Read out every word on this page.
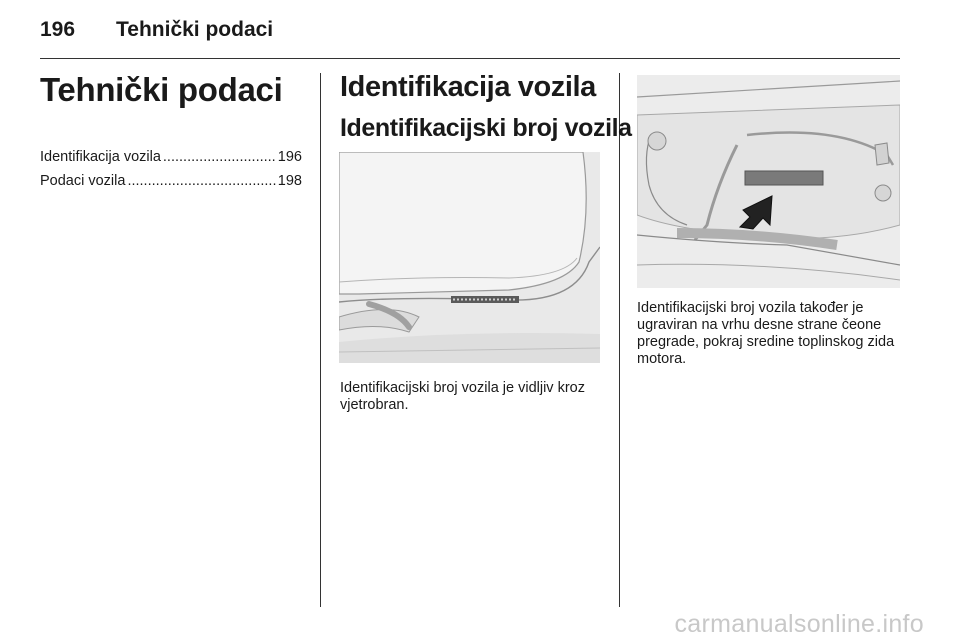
196 Tehnički podaci
Tehnički podaci
Identifikacija vozila .....	196
Podaci vozila .....	198
Identifikacija vozila
Identifikacijski broj vozila

Identifikacijski broj vozila je vidljiv kroz vjetrobran.

Identifikacijski broj vozila također je ugraviran na vrhu desne strane čeone pregrade, pokraj sredine toplinskog zida motora.

carmanualsonline.info
